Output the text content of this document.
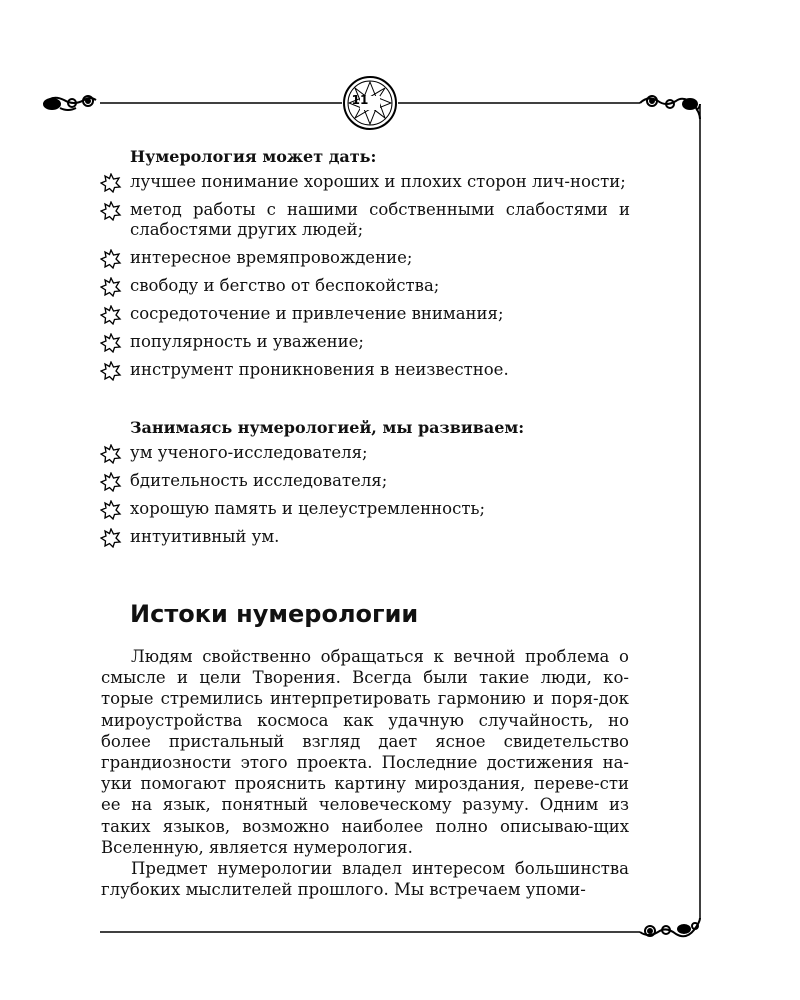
11
Нумерология может дать:
лучшее понимание хороших и плохих сторон лич-ности;
метод работы с нашими собственными слабостями и слабостями других людей;
интересное времяпровождение;
свободу и бегство от беспокойства;
сосредоточение и привлечение внимания;
популярность и уважение;
инструмент проникновения в неизвестное.
Занимаясь нумерологией, мы развиваем:
ум ученого-исследователя;
бдительность исследователя;
хорошую память и целеустремленность;
интуитивный ум.
Истоки нумерологии

Людям свойственно обращаться к вечной проблема о смысле и цели Творения. Всегда были такие люди, ко-торые стремились интерпретировать гармонию и поря-док мироустройства космоса как удачную случайность, но более пристальный взгляд дает ясное свидетельство грандиозности этого проекта. Последние достижения на-уки помогают прояснить картину мироздания, переве-сти ее на язык, понятный человеческому разуму. Одним из таких языков, возможно наиболее полно описываю-щих Вселенную, является нумерология.

Предмет нумерологии владел интересом большинства глубоких мыслителей прошлого. Мы встречаем упоми-
